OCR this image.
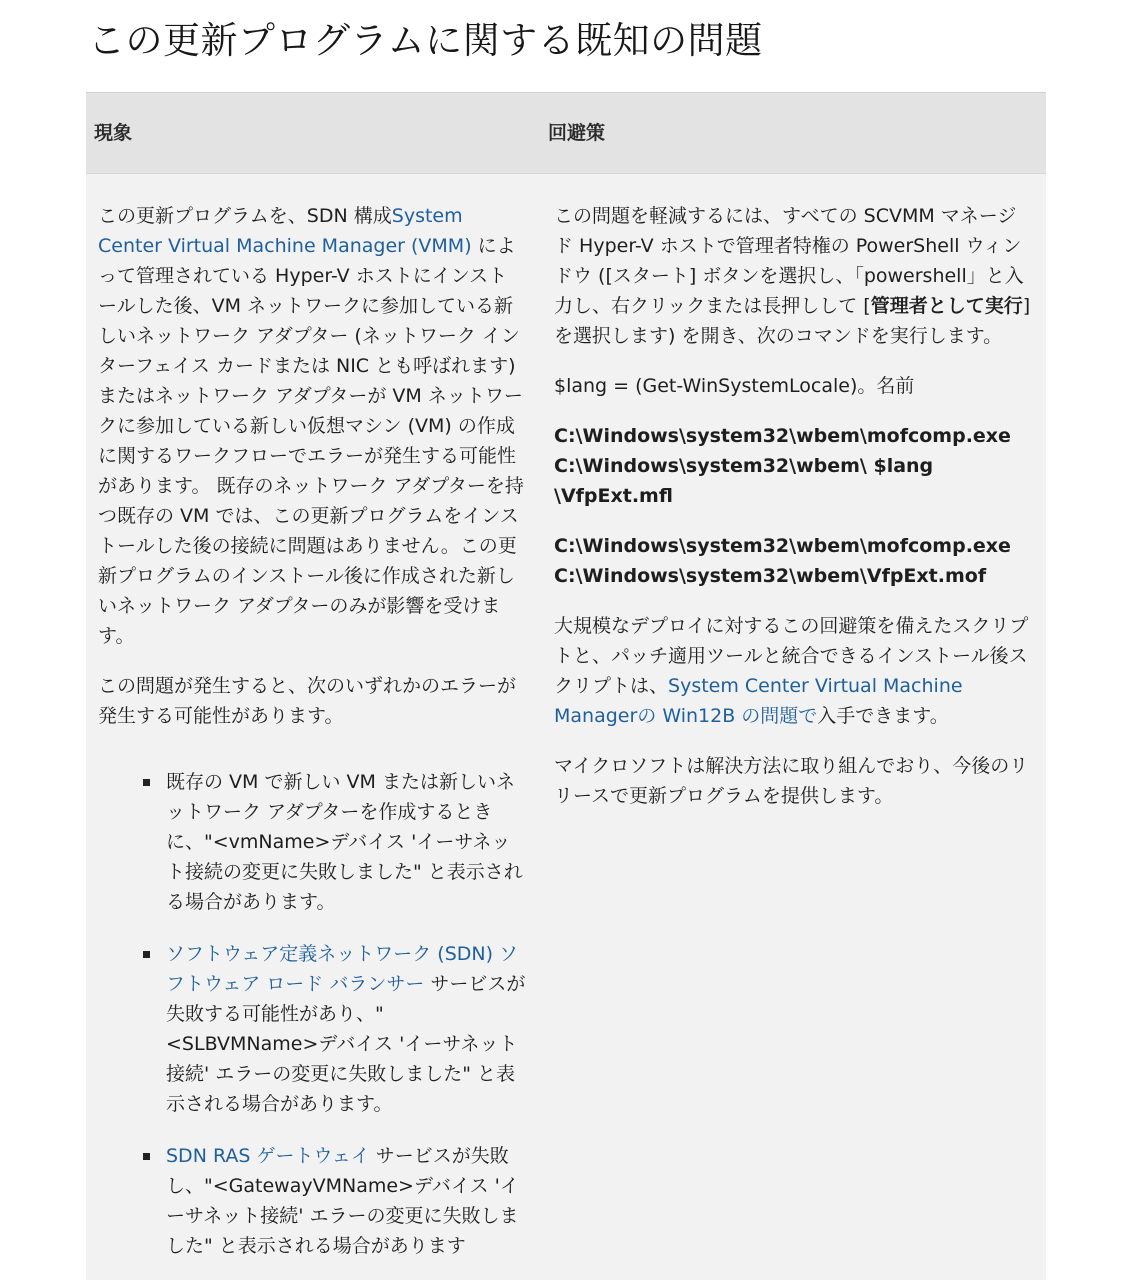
この更新プログラムに関する既知の問題
現象	回避策

この更新プログラムを、SDN 構成System Center Virtual Machine Manager (VMM) によって管理されている Hyper-V ホストにインストールした後、VM ネットワークに参加している新しいネットワーク アダプター (ネットワーク インターフェイス カードまたは NIC とも呼ばれます) またはネットワーク アダプターが VM ネットワークに参加している新しい仮想マシン (VM) の作成に関するワークフローでエラーが発生する可能性があります。 既存のネットワーク アダプターを持つ既存の VM では、この更新プログラムをインストールした後の接続に問題はありません。この更新プログラムのインストール後に作成された新しいネットワーク アダプターのみが影響を受けます。

この問題が発生すると、次のいずれかのエラーが発生する可能性があります。

既存の VM で新しい VM または新しいネットワーク アダプターを作成するときに、"<vmName>デバイス 'イーサネット接続の変更に失敗しました" と表示される場合があります。
ソフトウェア定義ネットワーク (SDN) ソフトウェア ロード バランサー サービスが失敗する可能性があり、"<SLBVMName>デバイス 'イーサネット接続' エラーの変更に失敗しました" と表示される場合があります。
SDN RAS ゲートウェイ サービスが失敗し、"<GatewayVMName>デバイス 'イーサネット接続' エラーの変更に失敗しました" と表示される場合があります

この問題を軽減するには、すべての SCVMM マネージド Hyper-V ホストで管理者特権の PowerShell ウィンドウ ([スタート] ボタンを選択し、「powershell」と入力し、右クリックまたは長押しして [管理者として実行] を選択します) を開き、次のコマンドを実行します。

$lang = (Get-WinSystemLocale)。名前

C:\Windows\system32\wbem\mofcomp.exe
C:\Windows\system32\wbem\ $lang \VfpExt.mfl

C:\Windows\system32\wbem\mofcomp.exe
C:\Windows\system32\wbem\VfpExt.mof

大規模なデプロイに対するこの回避策を備えたスクリプトと、パッチ適用ツールと統合できるインストール後スクリプトは、System Center Virtual Machine Managerの Win12B の問題で入手できます。

マイクロソフトは解決方法に取り組んでおり、今後のリリースで更新プログラムを提供します。
